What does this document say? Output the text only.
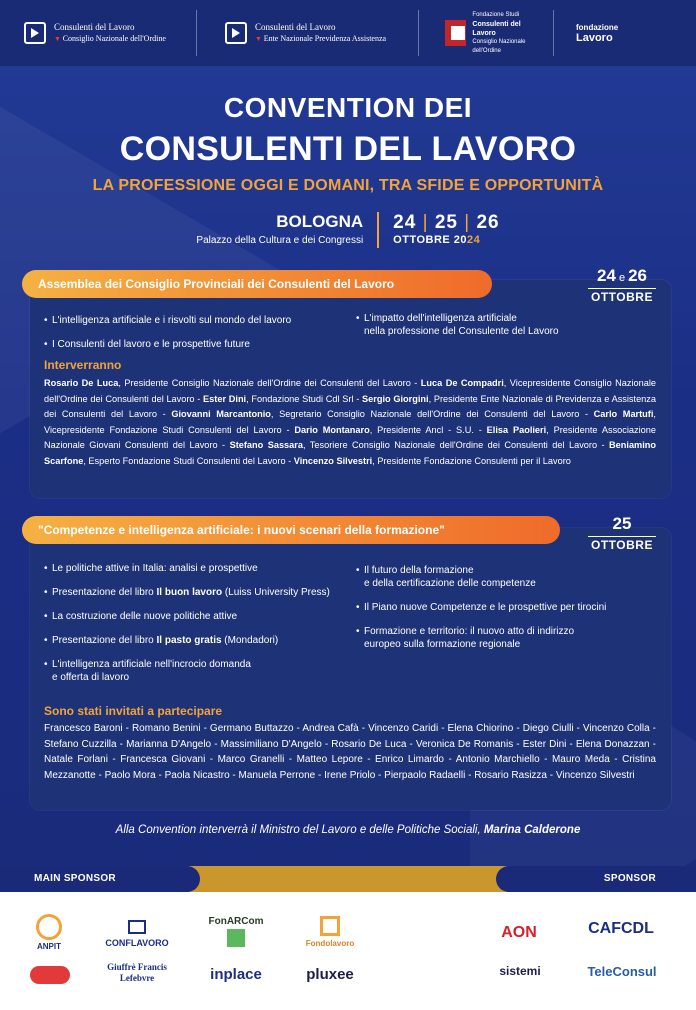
Consulenti del Lavoro
▼ Consiglio Nazionale dell'Ordine
Consulenti del Lavoro
▼ Ente Nazionale Previdenza Assistenza
Fondazione Studi
Consulenti del Lavoro
Consiglio Nazionale dell'Ordine
fondazione
Lavoro
CONVENTION DEI
CONSULENTI DEL LAVORO
LA PROFESSIONE OGGI E DOMANI, TRA SFIDE E OPPORTUNITÀ
BOLOGNA
Palazzo della Cultura e dei Congressi
24 | 25 | 26
OTTOBRE 2024
Assemblea dei Consiglio Provinciali dei Consulenti del Lavoro	24 e 26
OTTOBRE
• L'intelligenza artificiale e i risvolti sul mondo del lavoro
• I Consulenti del lavoro e le prospettive future
• L'impatto dell'intelligenza artificiale
nella professione del Consulente del Lavoro
Interverranno
Rosario De Luca, Presidente Consiglio Nazionale dell'Ordine dei Consulenti del Lavoro - Luca De Compadri, Vicepresidente Consiglio Nazionale dell'Ordine dei Consulenti del Lavoro - Ester Dini, Fondazione Studi Cdl Srl - Sergio Giorgini, Presidente Ente Nazionale di Previdenza e Assistenza dei Consulenti del Lavoro - Giovanni Marcantonio, Segretario Consiglio Nazionale dell'Ordine dei Consulenti del Lavoro - Carlo Martufi, Vicepresidente Fondazione Studi Consulenti del Lavoro - Dario Montanaro, Presidente Ancl - S.U. - Elisa Paolieri, Presidente Associazione Nazionale Giovani Consulenti del Lavoro - Stefano Sassara, Tesoriere Consiglio Nazionale dell'Ordine dei Consulenti del Lavoro - Beniamino Scarfone, Esperto Fondazione Studi Consulenti del Lavoro - Vincenzo Silvestri, Presidente Fondazione Consulenti per il Lavoro
"Competenze e intelligenza artificiale: i nuovi scenari della formazione"	25
OTTOBRE
• Le politiche attive in Italia: analisi e prospettive
• Presentazione del libro Il buon lavoro (Luiss University Press)
• La costruzione delle nuove politiche attive
• Presentazione del libro Il pasto gratis (Mondadori)
• L'intelligenza artificiale nell'incrocio domanda
e offerta di lavoro
• Il futuro della formazione
e della certificazione delle competenze
• Il Piano nuove Competenze e le prospettive per tirocini
• Formazione e territorio: il nuovo atto di indirizzo
europeo sulla formazione regionale
Sono stati invitati a partecipare
Francesco Baroni - Romano Benini - Germano Buttazzo - Andrea Cafà - Vincenzo Caridi - Elena Chiorino - Diego Ciulli - Vincenzo Colla - Stefano Cuzzilla - Marianna D'Angelo - Massimiliano D'Angelo - Rosario De Luca - Veronica De Romanis - Ester Dini - Elena Donazzan - Natale Forlani - Francesca Giovani - Marco Granelli - Matteo Lepore - Enrico Limardo - Antonio Marchiello - Mauro Meda - Cristina Mezzanotte - Paolo Mora - Paola Nicastro - Manuela Perrone - Irene Priolo - Pierpaolo Radaelli - Rosario Rasizza - Vincenzo Silvestri
Alla Convention interverrà il Ministro del Lavoro e delle Politiche Sociali, Marina Calderone
MAIN SPONSOR	SPONSOR
ANPIT	CONFLAVORO
FonARCom
Fondolavoro
Giuffrè Francis Lefebvre	inplace	pluxee
AON	CAFCDL
sistemi	TeleConsul
